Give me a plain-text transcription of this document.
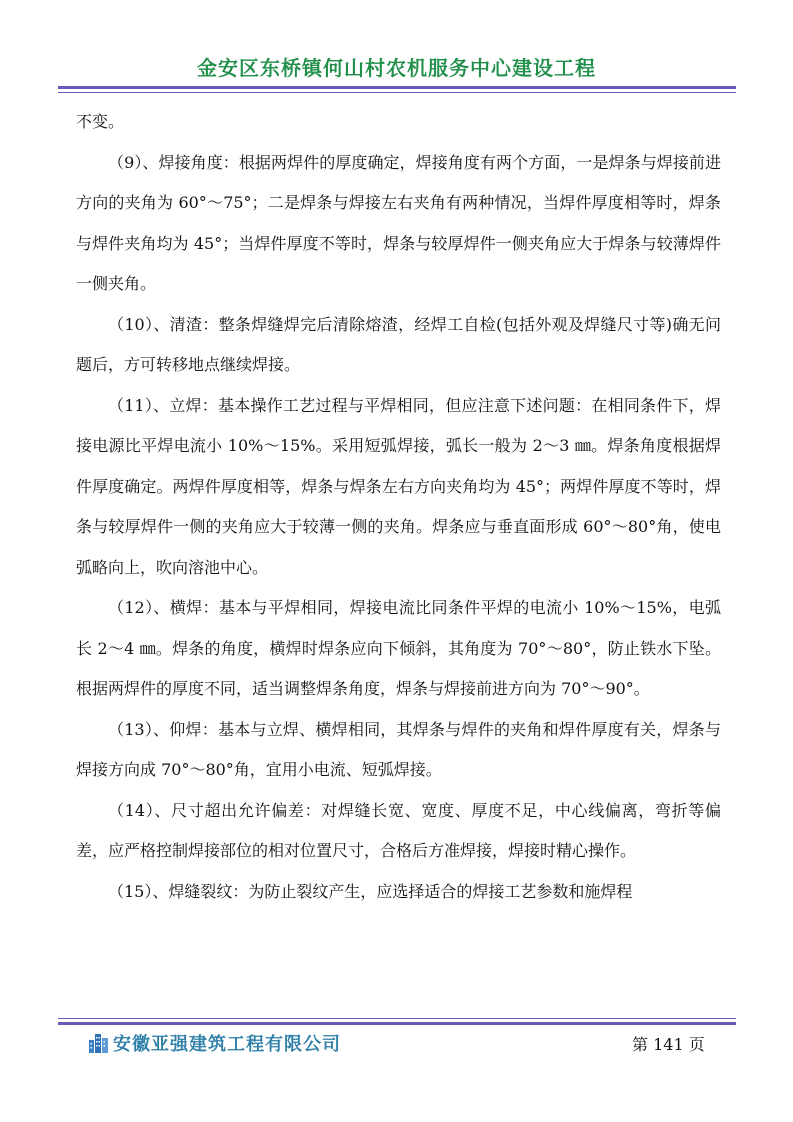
金安区东桥镇何山村农机服务中心建设工程

不变。

（9）、焊接角度：根据两焊件的厚度确定，焊接角度有两个方面，一是焊条与焊接前进方向的夹角为 60°～75°；二是焊条与焊接左右夹角有两种情况，当焊件厚度相等时，焊条与焊件夹角均为 45°；当焊件厚度不等时，焊条与较厚焊件一侧夹角应大于焊条与较薄焊件一侧夹角。

（10）、清渣：整条焊缝焊完后清除熔渣，经焊工自检(包括外观及焊缝尺寸等)确无问题后，方可转移地点继续焊接。

（11）、立焊：基本操作工艺过程与平焊相同，但应注意下述问题：在相同条件下，焊接电源比平焊电流小 10%～15%。采用短弧焊接，弧长一般为 2～3 ㎜。焊条角度根据焊件厚度确定。两焊件厚度相等，焊条与焊条左右方向夹角均为 45°；两焊件厚度不等时，焊条与较厚焊件一侧的夹角应大于较薄一侧的夹角。焊条应与垂直面形成 60°～80°角，使电弧略向上，吹向溶池中心。

（12）、横焊：基本与平焊相同，焊接电流比同条件平焊的电流小 10%～15%，电弧长 2～4 ㎜。焊条的角度，横焊时焊条应向下倾斜，其角度为 70°～80°，防止铁水下坠。根据两焊件的厚度不同，适当调整焊条角度，焊条与焊接前进方向为 70°～90°。

（13）、仰焊：基本与立焊、横焊相同，其焊条与焊件的夹角和焊件厚度有关，焊条与焊接方向成 70°～80°角，宜用小电流、短弧焊接。

（14）、尺寸超出允许偏差：对焊缝长宽、宽度、厚度不足，中心线偏离，弯折等偏差，应严格控制焊接部位的相对位置尺寸，合格后方准焊接，焊接时精心操作。

（15）、焊缝裂纹：为防止裂纹产生，应选择适合的焊接工艺参数和施焊程

安徽亚强建筑工程有限公司	第 141 页
